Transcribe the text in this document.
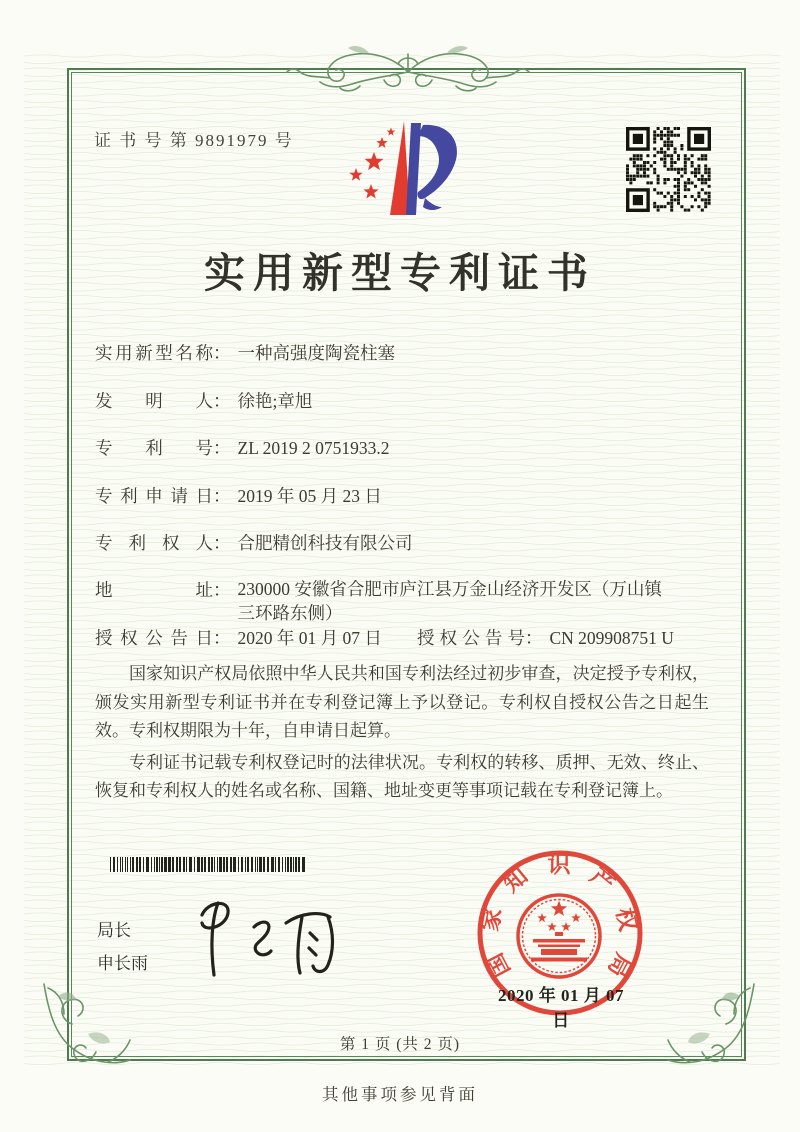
证 书 号 第 9891979 号
实用新型专利证书
实用新型名称： 一种高强度陶瓷柱塞
发明人： 徐艳;章旭
专利号： ZL 2019 2 0751933.2
专利申请日： 2019 年 05 月 23 日
专利权人： 合肥精创科技有限公司
地址： 230000 安徽省合肥市庐江县万金山经济开发区（万山镇三环路东侧）
授权公告日： 2020 年 01 月 07 日 授权公告号： CN 209908751 U

国家知识产权局依照中华人民共和国专利法经过初步审查，决定授予专利权，颁发实用新型专利证书并在专利登记簿上予以登记。专利权自授权公告之日起生效。专利权期限为十年，自申请日起算。

专利证书记载专利权登记时的法律状况。专利权的转移、质押、无效、终止、恢复和专利权人的姓名或名称、国籍、地址变更等事项记载在专利登记簿上。

局长
申长雨	国
家
知 识 产
权
局
2020 年 01 月 07 日
第 1 页 (共 2 页)
其他事项参见背面
